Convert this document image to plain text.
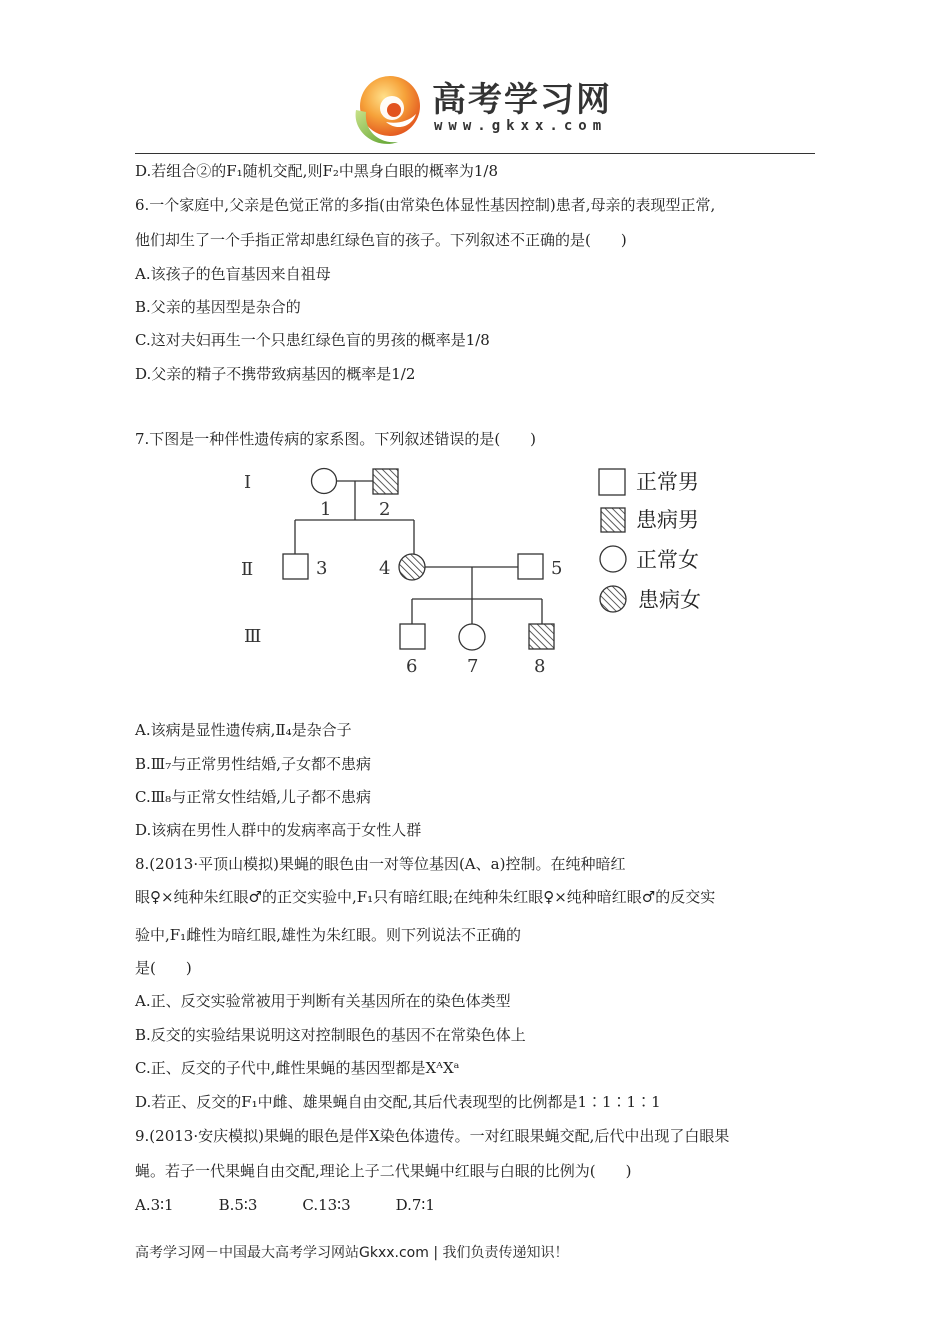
高考学习网
www.gkxx.com
D.若组合②的F₁随机交配,则F₂中黑身白眼的概率为1/8
6.一个家庭中,父亲是色觉正常的多指(由常染色体显性基因控制)患者,母亲的表现型正常,
他们却生了一个手指正常却患红绿色盲的孩子。下列叙述不正确的是(　　)
A.该孩子的色盲基因来自祖母
B.父亲的基因型是杂合的
C.这对夫妇再生一个只患红绿色盲的男孩的概率是1/8
D.父亲的精子不携带致病基因的概率是1/2
7.下图是一种伴性遗传病的家系图。下列叙述错误的是(　　)
Ⅰ
Ⅱ
Ⅲ
1	2
3	4	5
6	7	8
正常男
患病男
正常女
患病女
A.该病是显性遗传病,Ⅱ₄是杂合子
B.Ⅲ₇与正常男性结婚,子女都不患病
C.Ⅲ₈与正常女性结婚,儿子都不患病
D.该病在男性人群中的发病率高于女性人群
8.(2013·平顶山模拟)果蝇的眼色由一对等位基因(A、a)控制。在纯种暗红
眼♀×纯种朱红眼♂的正交实验中,F₁只有暗红眼;在纯种朱红眼♀×纯种暗红眼♂的反交实
验中,F₁雌性为暗红眼,雄性为朱红眼。则下列说法不正确的
是(　　)
A.正、反交实验常被用于判断有关基因所在的染色体类型
B.反交的实验结果说明这对控制眼色的基因不在常染色体上
C.正、反交的子代中,雌性果蝇的基因型都是XᴬXᵃ
D.若正、反交的F₁中雌、雄果蝇自由交配,其后代表现型的比例都是1∶1∶1∶1
9.(2013·安庆模拟)果蝇的眼色是伴X染色体遗传。一对红眼果蝇交配,后代中出现了白眼果
蝇。若子一代果蝇自由交配,理论上子二代果蝇中红眼与白眼的比例为(　　)
A.3∶1　　　B.5∶3　　　C.13∶3　　　D.7∶1
高考学习网－中国最大高考学习网站Gkxx.com | 我们负责传递知识！
